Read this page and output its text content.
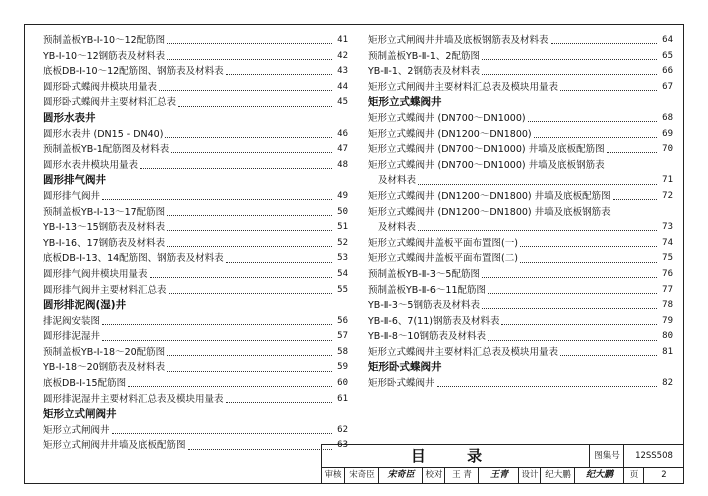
预制盖板YB-Ⅰ-10～12配筋图	41
YB-Ⅰ-10～12钢筋表及材料表	42
底板DB-Ⅰ-10～12配筋图、钢筋表及材料表	43
圆形卧式蝶阀井模块用量表	44
圆形卧式蝶阀井主要材料汇总表	45
圆形水表井
圆形水表井 (DN15 - DN40)	46
预制盖板YB-1配筋图及材料表	47
圆形水表井模块用量表	48
圆形排气阀井
圆形排气阀井	49
预制盖板YB-Ⅰ-13～17配筋图	50
YB-Ⅰ-13～15钢筋表及材料表	51
YB-Ⅰ-16、17钢筋表及材料表	52
底板DB-Ⅰ-13、14配筋图、钢筋表及材料表	53
圆形排气阀井模块用量表	54
圆形排气阀井主要材料汇总表	55
圆形排泥阀(湿)井
排泥阀安装图	56
圆形排泥湿井	57
预制盖板YB-Ⅰ-18～20配筋图	58
YB-Ⅰ-18～20钢筋表及材料表	59
底板DB-Ⅰ-15配筋图	60
圆形排泥湿井主要材料汇总表及模块用量表	61
矩形立式闸阀井
矩形立式闸阀井	62
矩形立式闸阀井井墙及底板配筋图	63
矩形立式闸阀井井墙及底板钢筋表及材料表	64
预制盖板YB-Ⅱ-1、2配筋图	65
YB-Ⅱ-1、2钢筋表及材料表	66
矩形立式闸阀井主要材料汇总表及模块用量表	67
矩形立式蝶阀井
矩形立式蝶阀井 (DN700～DN1000)	68
矩形立式蝶阀井 (DN1200～DN1800)	69
矩形立式蝶阀井 (DN700～DN1000) 井墙及底板配筋图	70
矩形立式蝶阀井 (DN700～DN1000) 井墙及底板钢筋表
及材料表	71
矩形立式蝶阀井 (DN1200～DN1800) 井墙及底板配筋图	72
矩形立式蝶阀井 (DN1200～DN1800) 井墙及底板钢筋表
及材料表	73
矩形立式蝶阀井盖板平面布置图(一)	74
矩形立式蝶阀井盖板平面布置图(二)	75
预制盖板YB-Ⅱ-3～5配筋图	76
预制盖板YB-Ⅱ-6～11配筋图	77
YB-Ⅱ-3～5钢筋表及材料表	78
YB-Ⅱ-6、7(11)钢筋表及材料表	79
YB-Ⅱ-8～10钢筋表及材料表	80
矩形立式蝶阀井主要材料汇总表及模块用量表	81
矩形卧式蝶阀井
矩形卧式蝶阀井	82
目 录	图集号	12SS508
审核 宋奇臣	宋奇臣	校对	王 青	王青	设计 纪大鹏	纪大鹏	页	2
